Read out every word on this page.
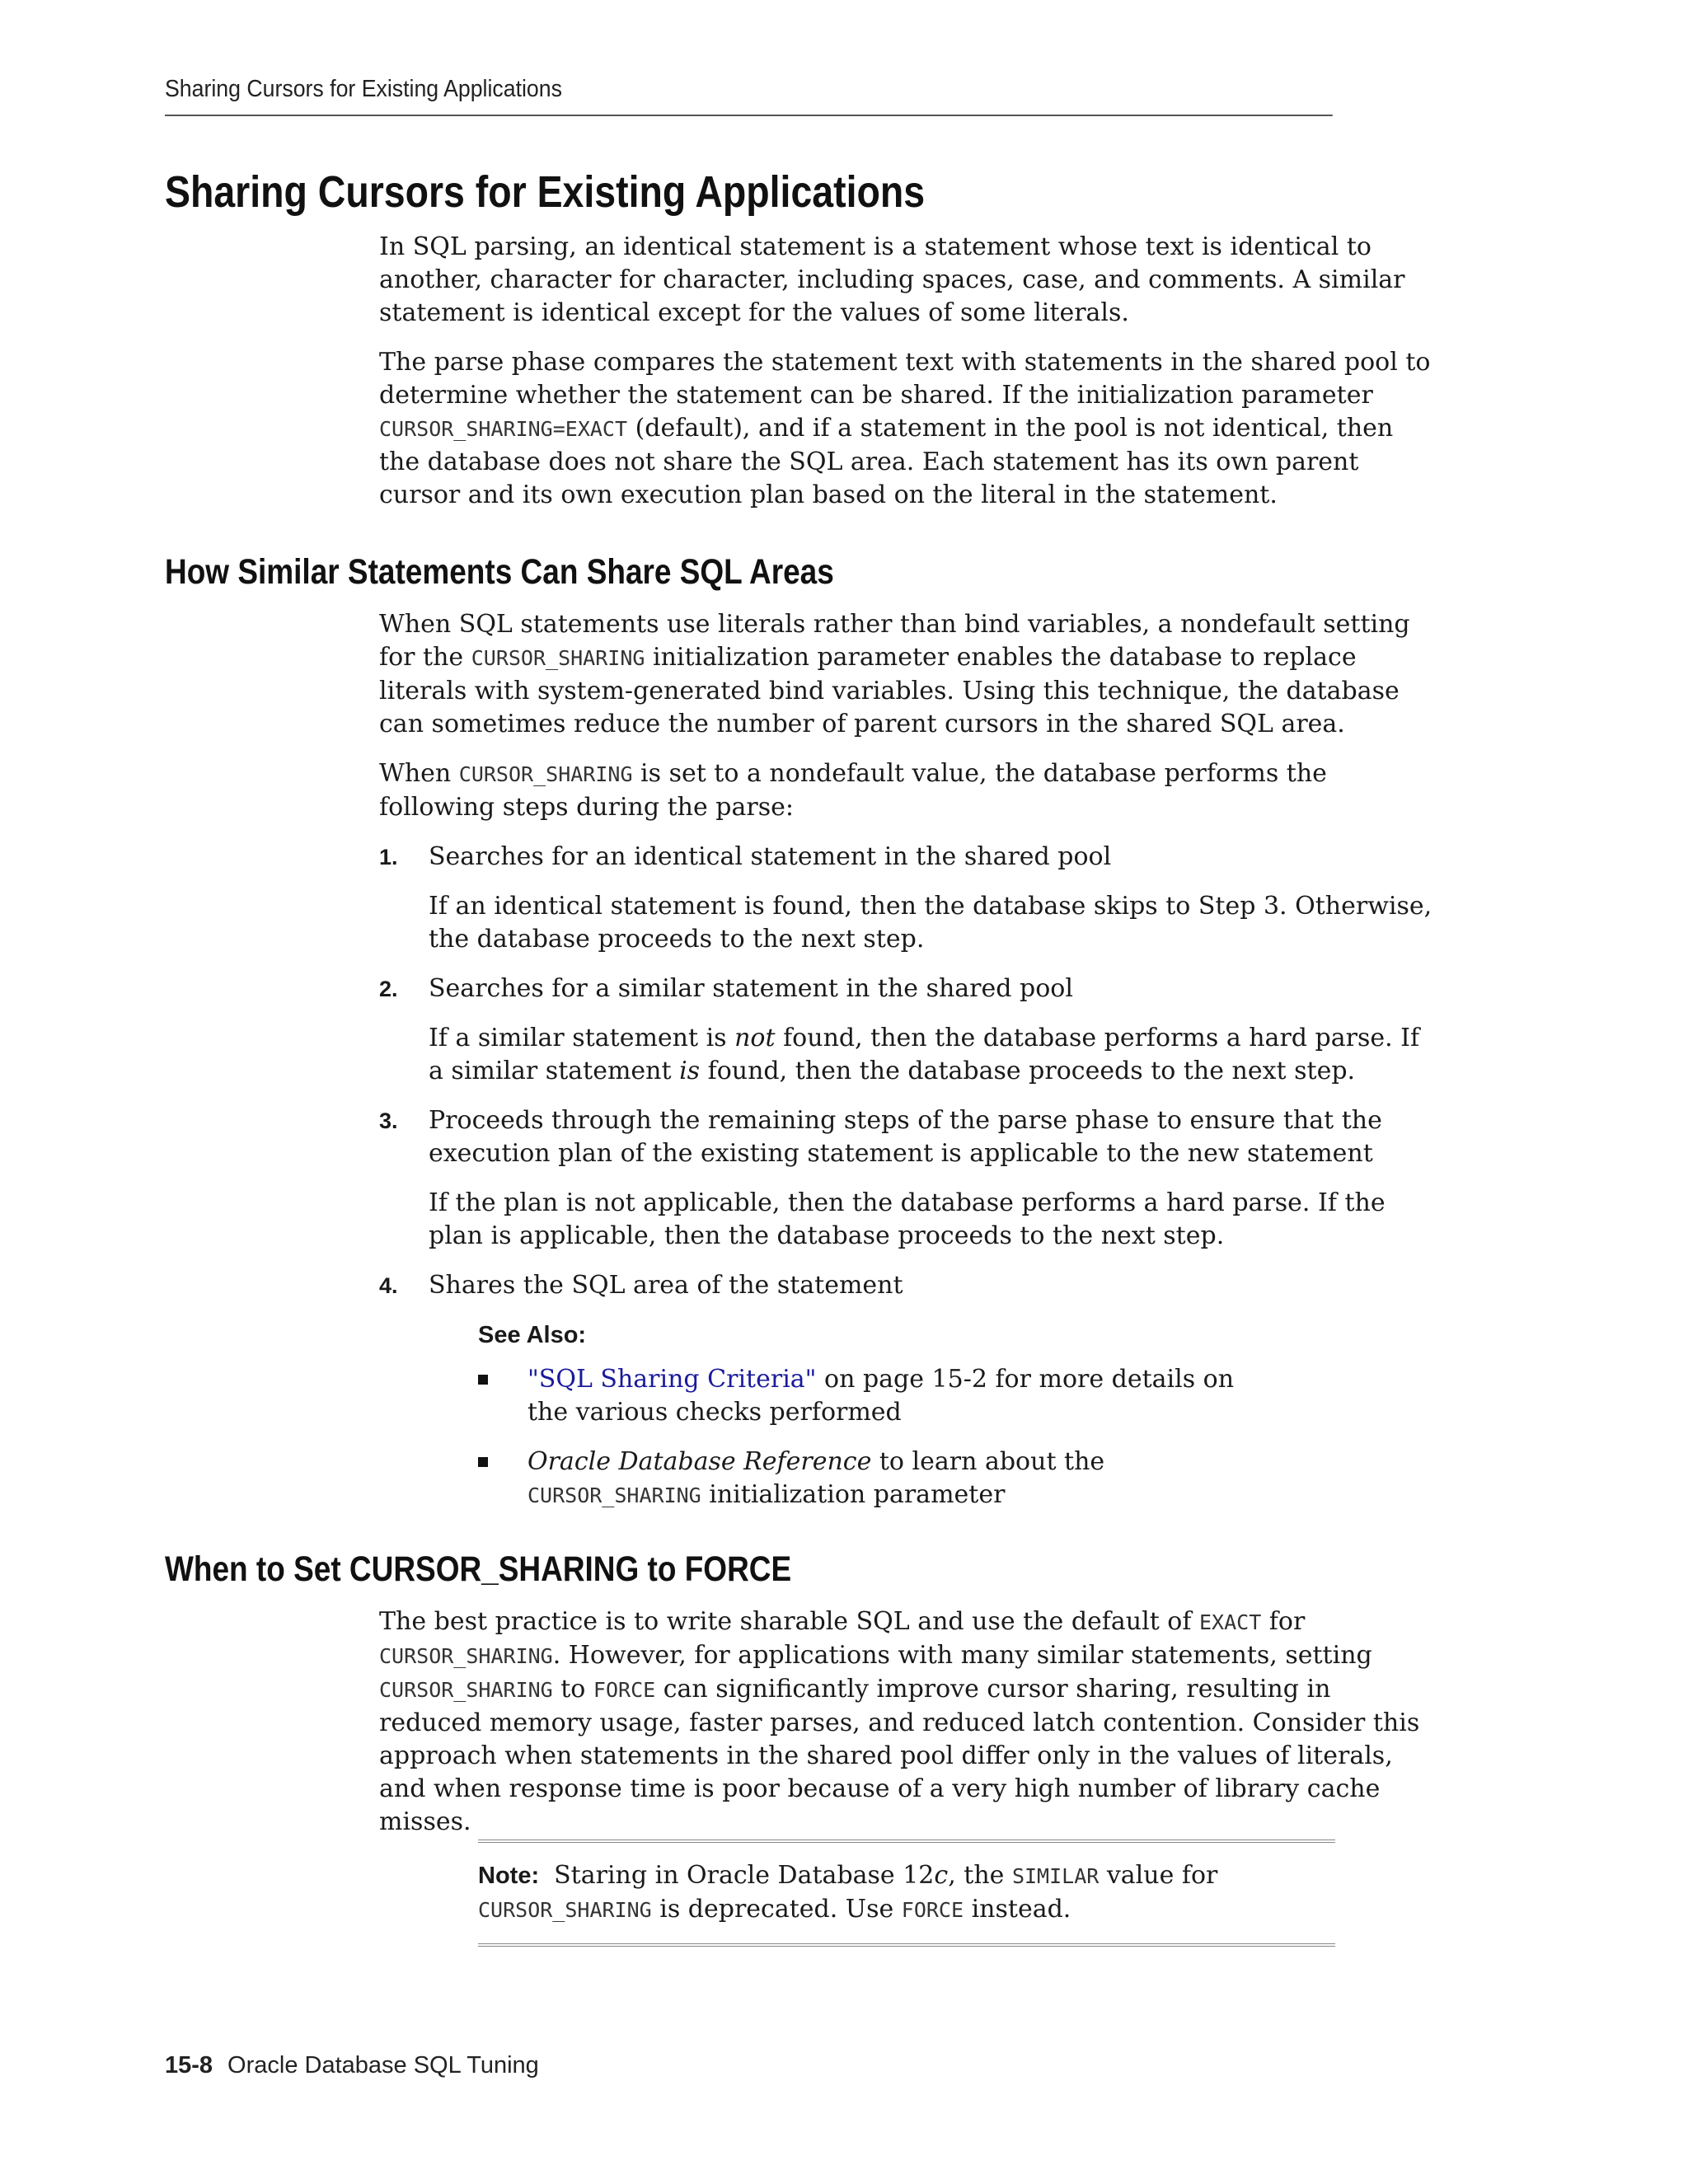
Sharing Cursors for Existing Applications
Sharing Cursors for Existing Applications

In SQL parsing, an identical statement is a statement whose text is identical to another, character for character, including spaces, case, and comments. A similar statement is identical except for the values of some literals.

The parse phase compares the statement text with statements in the shared pool to determine whether the statement can be shared. If the initialization parameter CURSOR_SHARING=EXACT (default), and if a statement in the pool is not identical, then the database does not share the SQL area. Each statement has its own parent cursor and its own execution plan based on the literal in the statement.

How Similar Statements Can Share SQL Areas

When SQL statements use literals rather than bind variables, a nondefault setting for the CURSOR_SHARING initialization parameter enables the database to replace literals with system-generated bind variables. Using this technique, the database can sometimes reduce the number of parent cursors in the shared SQL area.

When CURSOR_SHARING is set to a nondefault value, the database performs the following steps during the parse:

1. Searches for an identical statement in the shared pool
If an identical statement is found, then the database skips to Step 3. Otherwise, the database proceeds to the next step.
2. Searches for a similar statement in the shared pool
If a similar statement is not found, then the database performs a hard parse. If a similar statement is found, then the database proceeds to the next step.
3. Proceeds through the remaining steps of the parse phase to ensure that the execution plan of the existing statement is applicable to the new statement
If the plan is not applicable, then the database performs a hard parse. If the plan is applicable, then the database proceeds to the next step.
4. Shares the SQL area of the statement
See Also:
"SQL Sharing Criteria" on page 15-2 for more details on the various checks performed
Oracle Database Reference to learn about the CURSOR_SHARING initialization parameter
When to Set CURSOR_SHARING to FORCE

The best practice is to write sharable SQL and use the default of EXACT for CURSOR_SHARING. However, for applications with many similar statements, setting CURSOR_SHARING to FORCE can significantly improve cursor sharing, resulting in reduced memory usage, faster parses, and reduced latch contention. Consider this approach when statements in the shared pool differ only in the values of literals, and when response time is poor because of a very high number of library cache misses.

Note: Staring in Oracle Database 12c, the SIMILAR value for CURSOR_SHARING is deprecated. Use FORCE instead.
15-8 Oracle Database SQL Tuning
